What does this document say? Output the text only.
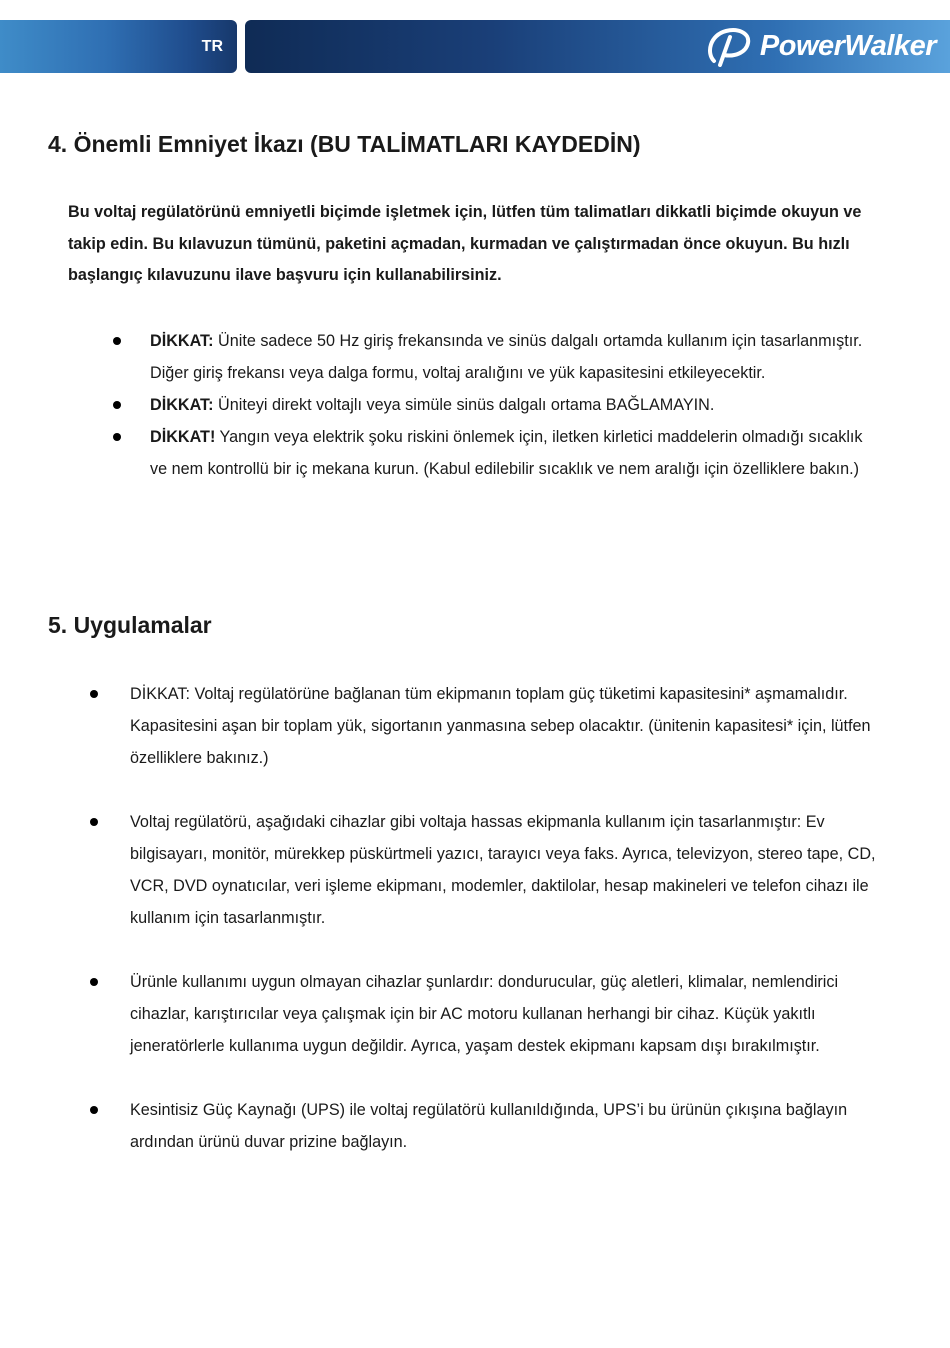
TR	PowerWalker
4. Önemli Emniyet İkazı (BU TALİMATLARI KAYDEDİN)

Bu voltaj regülatörünü emniyetli biçimde işletmek için, lütfen tüm talimatları dikkatli biçimde okuyun ve takip edin. Bu kılavuzun tümünü, paketini açmadan, kurmadan ve çalıştırmadan önce okuyun. Bu hızlı başlangıç kılavuzunu ilave başvuru için kullanabilirsiniz.

DİKKAT: Ünite sadece 50 Hz giriş frekansında ve sinüs dalgalı ortamda kullanım için tasarlanmıştır. Diğer giriş frekansı veya dalga formu, voltaj aralığını ve yük kapasitesini etkileyecektir.
DİKKAT: Üniteyi direkt voltajlı veya simüle sinüs dalgalı ortama BAĞLAMAYIN.
DİKKAT! Yangın veya elektrik şoku riskini önlemek için, iletken kirletici maddelerin olmadığı sıcaklık ve nem kontrollü bir iç mekana kurun. (Kabul edilebilir sıcaklık ve nem aralığı için özelliklere bakın.)
5. Uygulamalar
DİKKAT: Voltaj regülatörüne bağlanan tüm ekipmanın toplam güç tüketimi kapasitesini* aşmamalıdır. Kapasitesini aşan bir toplam yük, sigortanın yanmasına sebep olacaktır. (ünitenin kapasitesi* için, lütfen özelliklere bakınız.)
Voltaj regülatörü, aşağıdaki cihazlar gibi voltaja hassas ekipmanla kullanım için tasarlanmıştır: Ev bilgisayarı, monitör, mürekkep püskürtmeli yazıcı, tarayıcı veya faks. Ayrıca, televizyon, stereo tape, CD, VCR, DVD oynatıcılar, veri işleme ekipmanı, modemler, daktilolar, hesap makineleri ve telefon cihazı ile kullanım için tasarlanmıştır.
Ürünle kullanımı uygun olmayan cihazlar şunlardır: dondurucular, güç aletleri, klimalar, nemlendirici cihazlar, karıştırıcılar veya çalışmak için bir AC motoru kullanan herhangi bir cihaz. Küçük yakıtlı jeneratörlerle kullanıma uygun değildir. Ayrıca, yaşam destek ekipmanı kapsam dışı bırakılmıştır.
Kesintisiz Güç Kaynağı (UPS) ile voltaj regülatörü kullanıldığında, UPS’i bu ürünün çıkışına bağlayın ardından ürünü duvar prizine bağlayın.
